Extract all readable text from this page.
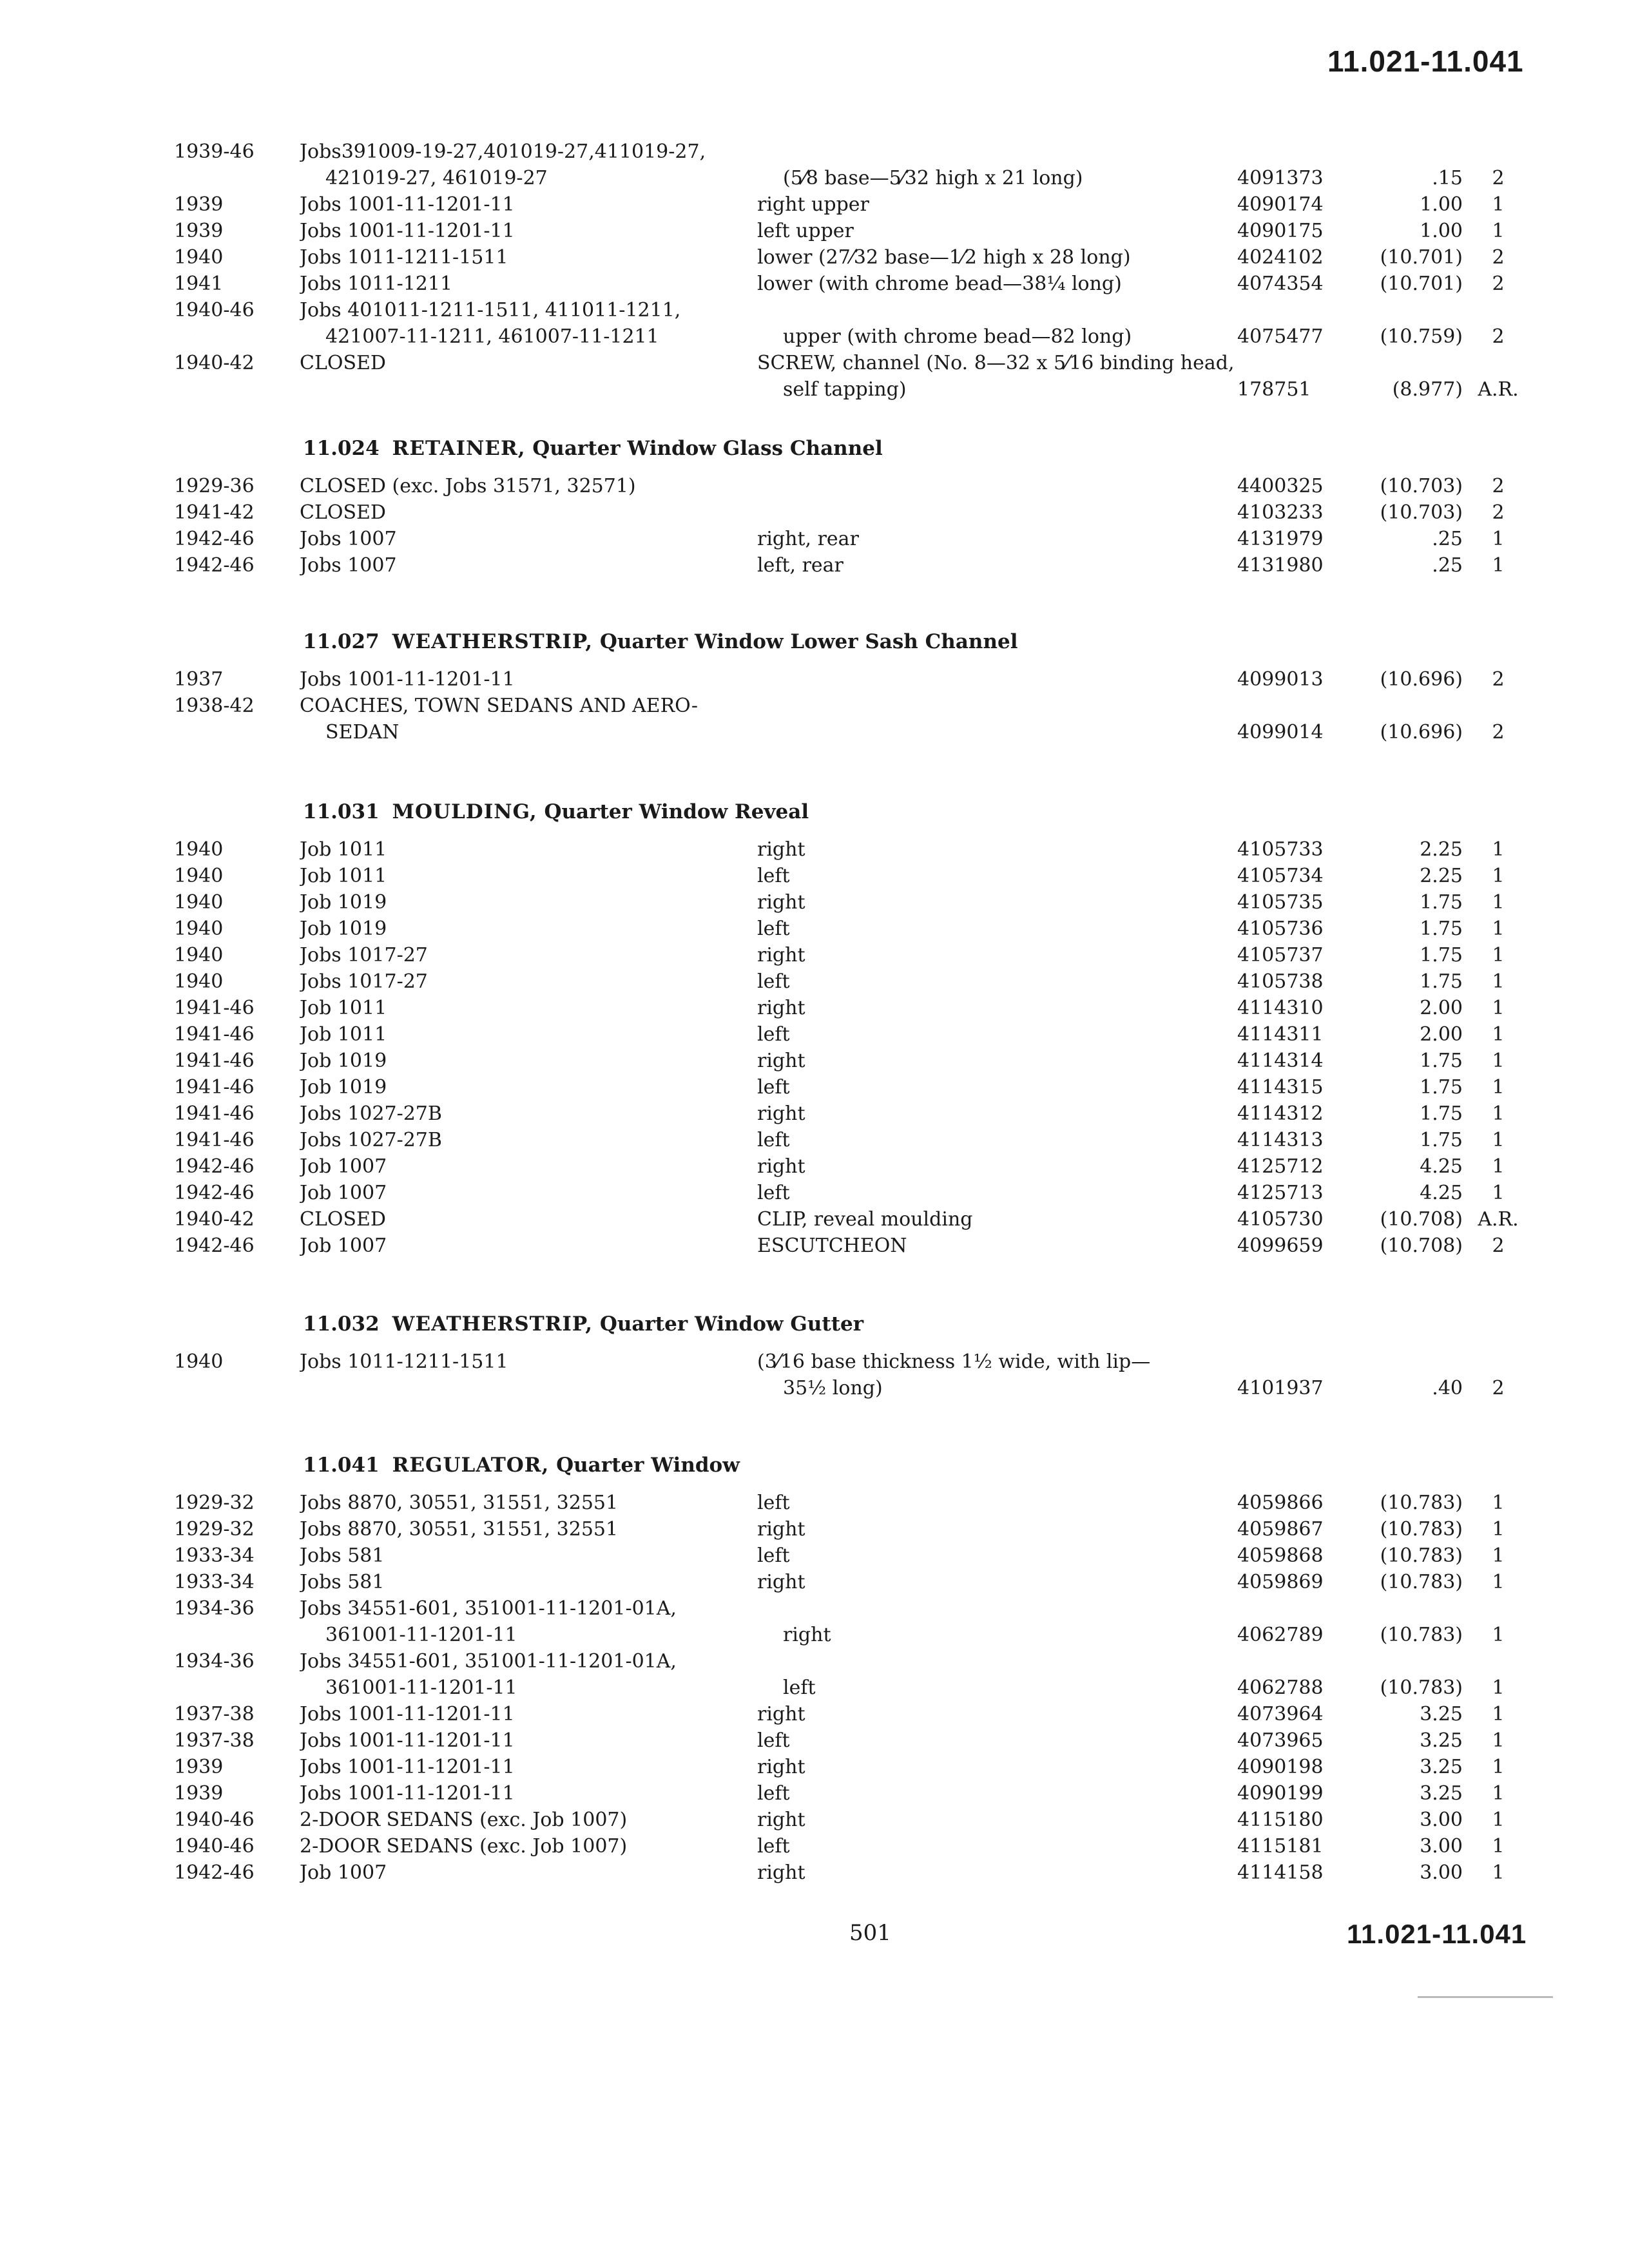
11.021-11.041
1939-46	Jobs391009-19-27,401019-27,411019-27,
421019-27, 461019-27	(5⁄8 base—5⁄32 high x 21 long)	4091373	.15	2
1939	Jobs 1001-11-1201-11	right upper	4090174	1.00	1
1939	Jobs 1001-11-1201-11	left upper	4090175	1.00	1
1940	Jobs 1011-1211-1511	lower (27⁄32 base—1⁄2 high x 28 long)	4024102	(10.701)	2
1941	Jobs 1011-1211	lower (with chrome bead—38¼ long)	4074354	(10.701)	2
1940-46	Jobs 401011-1211-1511, 411011-1211,
421007-11-1211, 461007-11-1211	upper (with chrome bead—82 long)	4075477	(10.759)	2
1940-42	CLOSED	SCREW, channel (No. 8—32 x 5⁄16 binding head,
self tapping)	178751	(8.977) A.R.
11.024 RETAINER, Quarter Window Glass Channel
1929-36	CLOSED (exc. Jobs 31571, 32571)	4400325	(10.703)	2
1941-42	CLOSED	4103233	(10.703)	2
1942-46	Jobs 1007	right, rear	4131979	.25	1
1942-46	Jobs 1007	left, rear	4131980	.25	1
11.027 WEATHERSTRIP, Quarter Window Lower Sash Channel
1937	Jobs 1001-11-1201-11	4099013	(10.696)	2
1938-42	COACHES, TOWN SEDANS AND AERO-
SEDAN	4099014	(10.696)	2
11.031 MOULDING, Quarter Window Reveal
1940	Job 1011	right	4105733	2.25	1
1940	Job 1011	left	4105734	2.25	1
1940	Job 1019	right	4105735	1.75	1
1940	Job 1019	left	4105736	1.75	1
1940	Jobs 1017-27	right	4105737	1.75	1
1940	Jobs 1017-27	left	4105738	1.75	1
1941-46	Job 1011	right	4114310	2.00	1
1941-46	Job 1011	left	4114311	2.00	1
1941-46	Job 1019	right	4114314	1.75	1
1941-46	Job 1019	left	4114315	1.75	1
1941-46	Jobs 1027-27B	right	4114312	1.75	1
1941-46	Jobs 1027-27B	left	4114313	1.75	1
1942-46	Job 1007	right	4125712	4.25	1
1942-46	Job 1007	left	4125713	4.25	1
1940-42	CLOSED	CLIP, reveal moulding	4105730	(10.708) A.R.
1942-46	Job 1007	ESCUTCHEON	4099659	(10.708)	2
11.032 WEATHERSTRIP, Quarter Window Gutter
1940	Jobs 1011-1211-1511	(3⁄16 base thickness 1½ wide, with lip—
35½ long)	4101937	.40	2
11.041 REGULATOR, Quarter Window
1929-32	Jobs 8870, 30551, 31551, 32551	left	4059866	(10.783)	1
1929-32	Jobs 8870, 30551, 31551, 32551	right	4059867	(10.783)	1
1933-34	Jobs 581	left	4059868	(10.783)	1
1933-34	Jobs 581	right	4059869	(10.783)	1
1934-36	Jobs 34551-601, 351001-11-1201-01A,
361001-11-1201-11	right	4062789	(10.783)	1
1934-36	Jobs 34551-601, 351001-11-1201-01A,
361001-11-1201-11	left	4062788	(10.783)	1
1937-38	Jobs 1001-11-1201-11	right	4073964	3.25	1
1937-38	Jobs 1001-11-1201-11	left	4073965	3.25	1
1939	Jobs 1001-11-1201-11	right	4090198	3.25	1
1939	Jobs 1001-11-1201-11	left	4090199	3.25	1
1940-46	2-DOOR SEDANS (exc. Job 1007)	right	4115180	3.00	1
1940-46	2-DOOR SEDANS (exc. Job 1007)	left	4115181	3.00	1
1942-46	Job 1007	right	4114158	3.00	1
501	11.021-11.041
